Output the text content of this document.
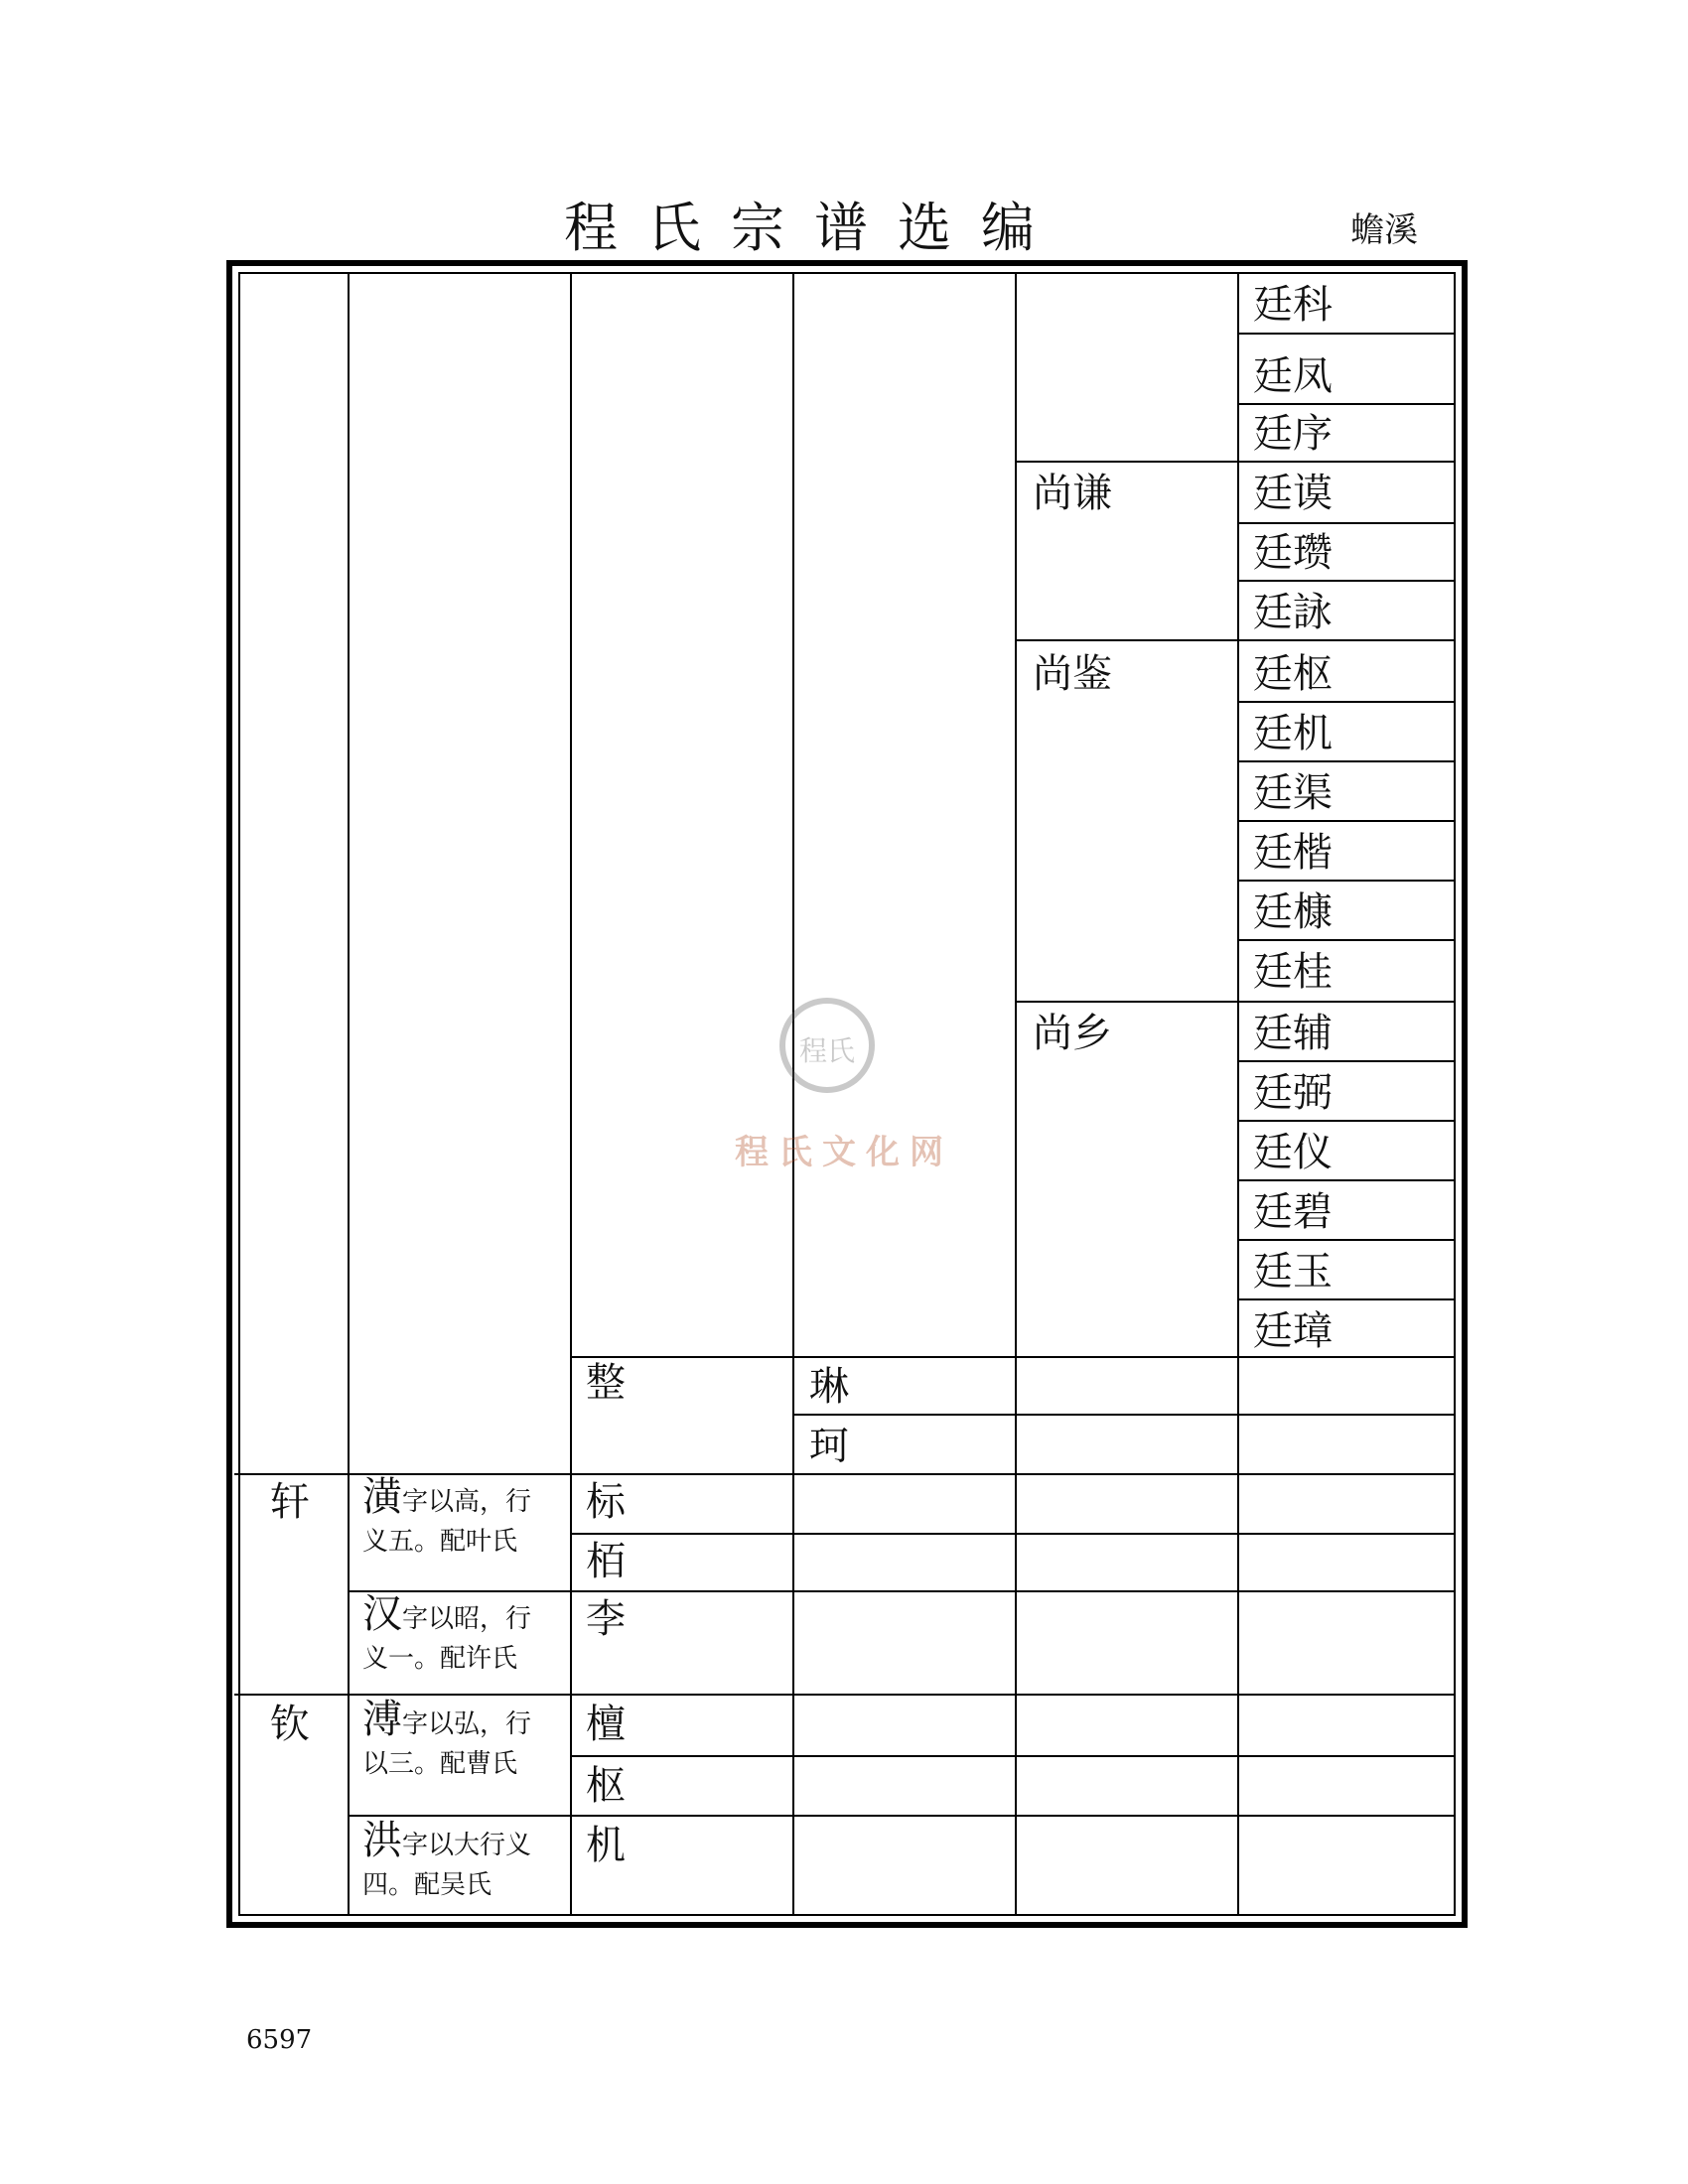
程氏宗谱选编	蟾溪
轩
钦
潢字以高，行义五。配叶氏
汉字以昭，行义一。配许氏
溥字以弘，行以三。配曹氏
洪字以大行义四。配吴氏
整
标
栢
李
檀
枢
机
琳
珂
尚谦
尚鉴
尚乡
廷科
廷凤
廷序
廷谟
廷瓒
廷詠
廷枢
廷机
廷渠
廷楷
廷槺
廷桂
廷辅
廷弼
廷仪
廷碧
廷玉
廷璋
程氏
程氏文化网
6597
